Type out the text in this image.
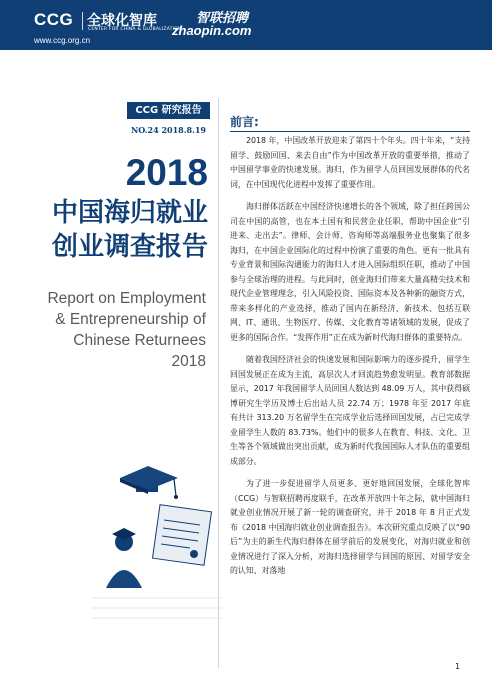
CCG 全球化智库
CENTER FOR CHINA & GLOBALIZATION
智联招聘
zhaopin.com
www.ccg.org.cn
CCG 研究报告
NO.24 2018.8.19
2018
中国海归就业
创业调查报告
Report on Employment
& Entrepreneurship of
Chinese Returnees
2018
前言:

2018 年，中国改革开放迎来了第四十个年头。四十年来，“支持留学、鼓励回国、来去自由”作为中国改革开放的重要举措，推动了中国留学事业的快速发展。海归，作为留学人员回国发展群体的代名词，在中国现代化进程中发挥了重要作用。

海归群体活跃在中国经济快速增长的各个领域，除了担任跨国公司在中国的高管，也在本土国有和民营企业任职，帮助中国企业“引进来、走出去”。律师、会计师、咨询师等高端服务业也聚集了很多海归，在中国企业国际化的过程中扮演了重要的角色。更有一批具有专业背景和国际沟通能力的海归人才进入国际组织任职，推动了中国参与全球治理的进程。与此同时，创业海归们带来大量高精尖技术和现代企业管理理念，引入风险投资、国际资本及各种新的融资方式，带来多样化的产业选择，推动了国内在新经济、新技术、包括互联网、IT、通讯、生物医疗、传媒、文化教育等诸领域的发展，促成了更多的国际合作。“发挥作用”正在成为新时代海归群体的重要特点。

随着我国经济社会的快速发展和国际影响力的逐步提升，留学生回国发展正在成为主流，高层次人才回流趋势愈发明显。教育部数据显示，2017 年我国留学人员回国人数达到 48.09 万人，其中获得硕博研究生学历及博士后出站人员 22.74 万；1978 年至 2017 年底有共计 313.20 万名留学生在完成学业后选择回国发展，占已完成学业留学生人数的 83.73%。他们中的很多人在教育、科技、文化、卫生等各个领域做出突出贡献，成为新时代我国国际人才队伍的重要组成部分。

为了进一步促进留学人员更多、更好地回国发展，全球化智库（CCG）与智联招聘再度联手，在改革开放四十年之际，就中国海归就业创业情况开展了新一轮的调查研究，并于 2018 年 8 月正式发布《2018 中国海归就业创业调查报告》。本次研究重点反映了以“90 后”为主的新生代海归群体在留学前后的发展变化，对海归就业和创业情况进行了深入分析，对海归选择留学与回国的原因、对留学安全的认知、对落地

1
